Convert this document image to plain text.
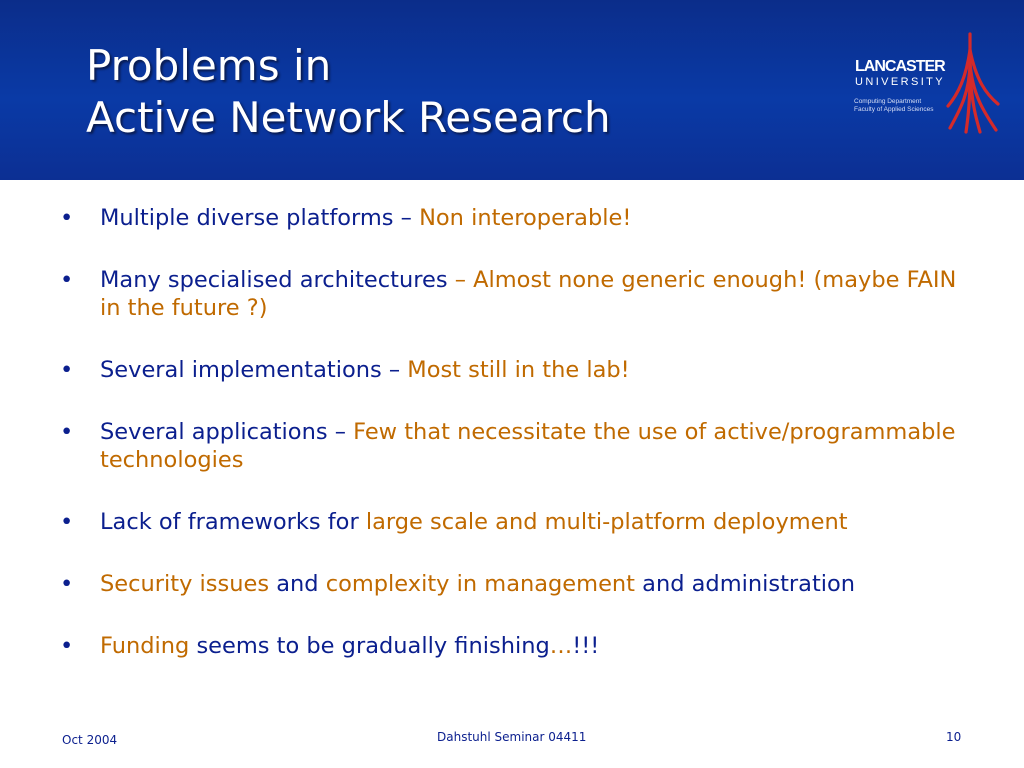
Problems in
Active Network Research
LANCASTER
UNIVERSITY
Computing Department
Faculty of Applied Sciences
• Multiple diverse platforms – Non interoperable!
• Many specialised architectures – Almost none generic enough! (maybe FAIN in the future ?)
• Several implementations – Most still in the lab!
• Several applications – Few that necessitate the use of active/programmable technologies
• Lack of frameworks for large scale and multi-platform deployment
• Security issues and complexity in management and administration
• Funding seems to be gradually finishing…!!!
Oct 2004	Dahstuhl Seminar 04411	10
